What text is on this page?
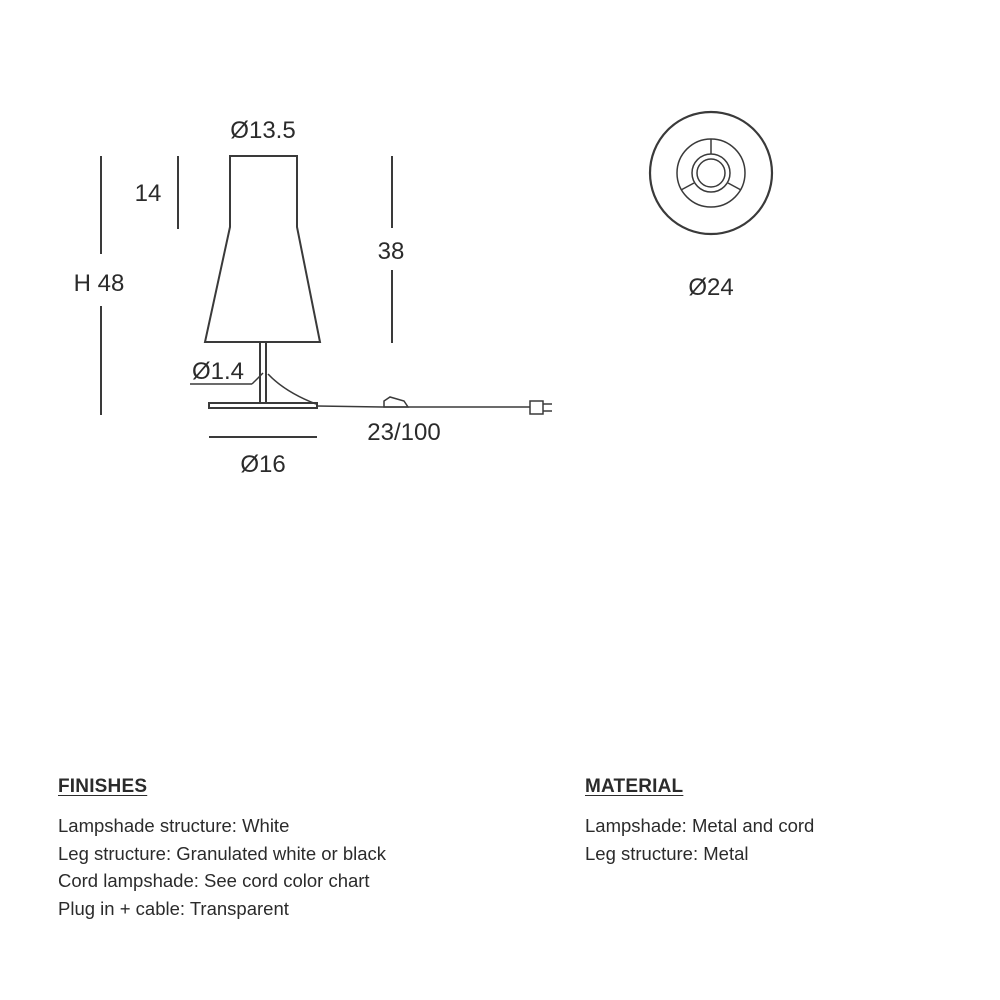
Ø13.5
14
H 48
38
Ø1.4
23/100
Ø16
Ø24
FINISHES
Lampshade structure: White
Leg structure: Granulated white or black
Cord lampshade: See cord color chart
Plug in + cable: Transparent
MATERIAL
Lampshade: Metal and cord
Leg structure: Metal
